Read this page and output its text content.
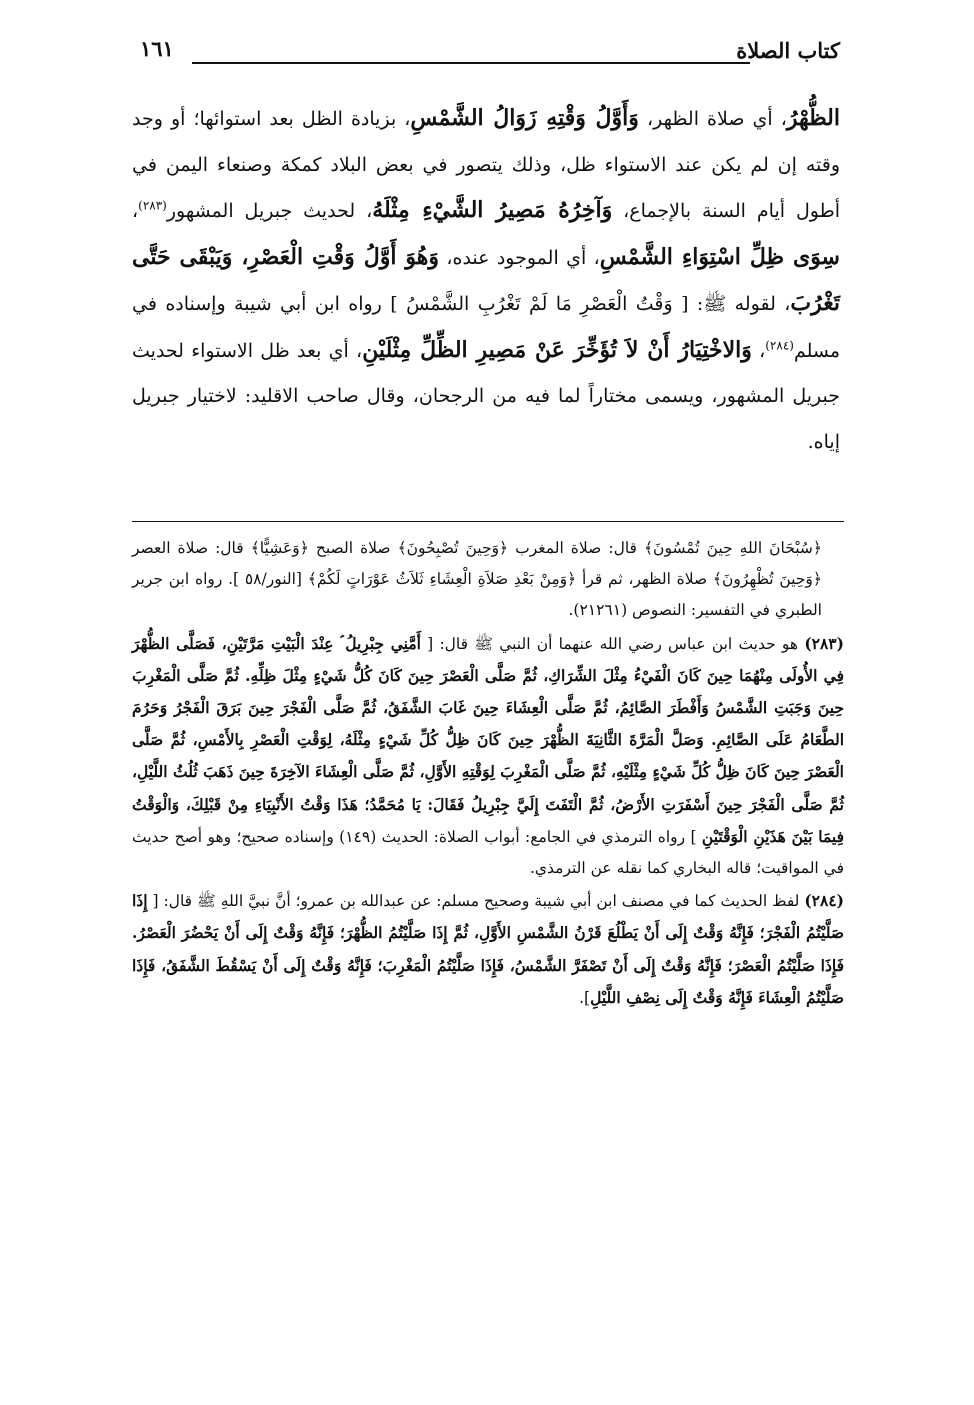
كتاب الصلاة
١٦١

الظُّهْرُ، أي صلاة الظهر، وَأَوَّلُ وَقْتِهِ زَوَالُ الشَّمْسِ، بزيادة الظل بعد استوائها؛ أو وجد وقته إن لم يكن عند الاستواء ظل، وذلك يتصور في بعض البلاد كمكة وصنعاء اليمن في أطول أيام السنة بالإجماع، وَآخِرُهُ مَصِيرُ الشَّيْءِ مِثْلَهُ، لحديث جبريل المشهور$^{(٢٨٣)}$، سِوَى ظِلِّ اسْتِوَاءِ الشَّمْسِ، أي الموجود عنده، وَهُوَ أَوَّلُ وَقْتِ الْعَصْرِ، وَيَبْقَى حَتَّى تَغْرُبَ، لقوله ﷺ: [ وَقْتُ الْعَصْرِ مَا لَمْ تَغْرُبِ الشَّمْسُ ] رواه ابن أبي شيبة وإسناده في مسلم$^{(٢٨٤)}$، وَالاخْتِيَارُ أَنْ لاَ تُؤَخِّرَ عَنْ مَصِيرِ الظِّلِّ مِثْلَيْنِ، أي بعد ظل الاستواء لحديث جبريل المشهور، ويسمى مختاراً لما فيه من الرجحان، وقال صاحب الاقليد: لاختيار جبريل إياه.

﴿سُبْحَانَ اللهِ حِينَ تُمْسُونَ﴾ قال: صلاة المغرب ﴿وَحِينَ تُصْبِحُونَ﴾ صلاة الصبح ﴿وَعَشِيًّا﴾ قال: صلاة العصر ﴿وَحِينَ تُظْهِرُونَ﴾ صلاة الظهر، ثم قرأ ﴿وَمِنْ بَعْدِ صَلاَةِ الْعِشَاءِ ثَلاَثُ عَوْرَاتٍ لَكُمْ﴾ [النور/٥٨ ]. رواه ابن جرير الطبري في التفسير: النصوص (٢١٢٦١).

(٢٨٣) هو حديث ابن عباس رضي الله عنهما أن النبي ﷺ قال: [ أَمَّنِي جِبْرِيلُ ؑ عِنْدَ الْبَيْتِ مَرَّتَيْنِ، فَصَلَّى الظُّهْرَ فِي الأُولَى مِنْهُمَا حِينَ كَانَ الْفَيْءُ مِثْلَ الشِّرَاكِ، ثُمَّ صَلَّى الْعَصْرَ حِينَ كَانَ كُلُّ شَيْءٍ مِثْلَ ظِلِّهِ. ثُمَّ صَلَّى الْمَغْرِبَ حِينَ وَجَبَتِ الشَّمْسُ وَأَفْطَرَ الصَّائِمُ، ثُمَّ صَلَّى الْعِشَاءَ حِينَ غَابَ الشَّفَقُ، ثُمَّ صَلَّى الْفَجْرَ حِينَ بَرَقَ الْفَجْرُ وَحَرُمَ الطَّعَامُ عَلَى الصَّائِمِ. وَصَلَّ الْمَرَّةَ الثَّانِيَةَ الظُّهْرَ حِينَ كَانَ ظِلُّ كُلِّ شَيْءٍ مِثْلَهُ، لِوَقْتِ الْعَصْرِ بِالأَمْسِ، ثُمَّ صَلَّى الْعَصْرَ حِينَ كَانَ ظِلُّ كُلِّ شَيْءٍ مِثْلَيْهِ، ثُمَّ صَلَّى الْمَغْرِبَ لِوَقْتِهِ الأَوَّلِ، ثُمَّ صَلَّى الْعِشَاءَ الآخِرَةَ حِينَ ذَهَبَ ثُلُثُ اللَّيْلِ، ثُمَّ صَلَّى الْفَجْرَ حِينَ أَسْفَرَتِ الأَرْضُ، ثُمَّ الْتَفَتَ إِلَيَّ جِبْرِيلُ فَقَالَ: يَا مُحَمَّدُ؛ هَذَا وَقْتُ الأَنْبِيَاءِ مِنْ قَبْلِكَ، وَالْوَقْتُ فِيمَا بَيْنَ هَذَيْنِ الْوَقْتَيْنِ ] رواه الترمذي في الجامع: أبواب الصلاة: الحديث (١٤٩) وإسناده صحيح؛ وهو أصح حديث في المواقيت؛ قاله البخاري كما نقله عن الترمذي.

(٢٨٤) لفظ الحديث كما في مصنف ابن أبي شيبة وصحيح مسلم: عن عبدالله بن عمرو؛ أنَّ نبيَّ اللهِ ﷺ قال: [ إِذَا صَلَّيْتُمُ الْفَجْرَ؛ فَإِنَّهُ وَقْتٌ إِلَى أَنْ يَطْلُعَ قَرْنُ الشَّمْسِ الأَوَّلِ، ثُمَّ إِذَا صَلَّيْتُمُ الظُّهْرَ؛ فَإِنَّهُ وَقْتٌ إِلَى أَنْ يَحْضُرَ الْعَصْرُ. فَإِذَا صَلَّيْتُمُ الْعَصْرَ؛ فَإِنَّهُ وَقْتٌ إِلَى أَنْ تَصْفَرَّ الشَّمْسُ، فَإِذَا صَلَّيْتُمُ الْمَغْرِبَ؛ فَإِنَّهُ وَقْتٌ إِلَى أَنْ يَسْقُطَ الشَّفَقُ، فَإِذَا صَلَّيْتُمُ الْعِشَاءَ فَإِنَّهُ وَقْتٌ إِلَى نِصْفِ اللَّيْلِ].
